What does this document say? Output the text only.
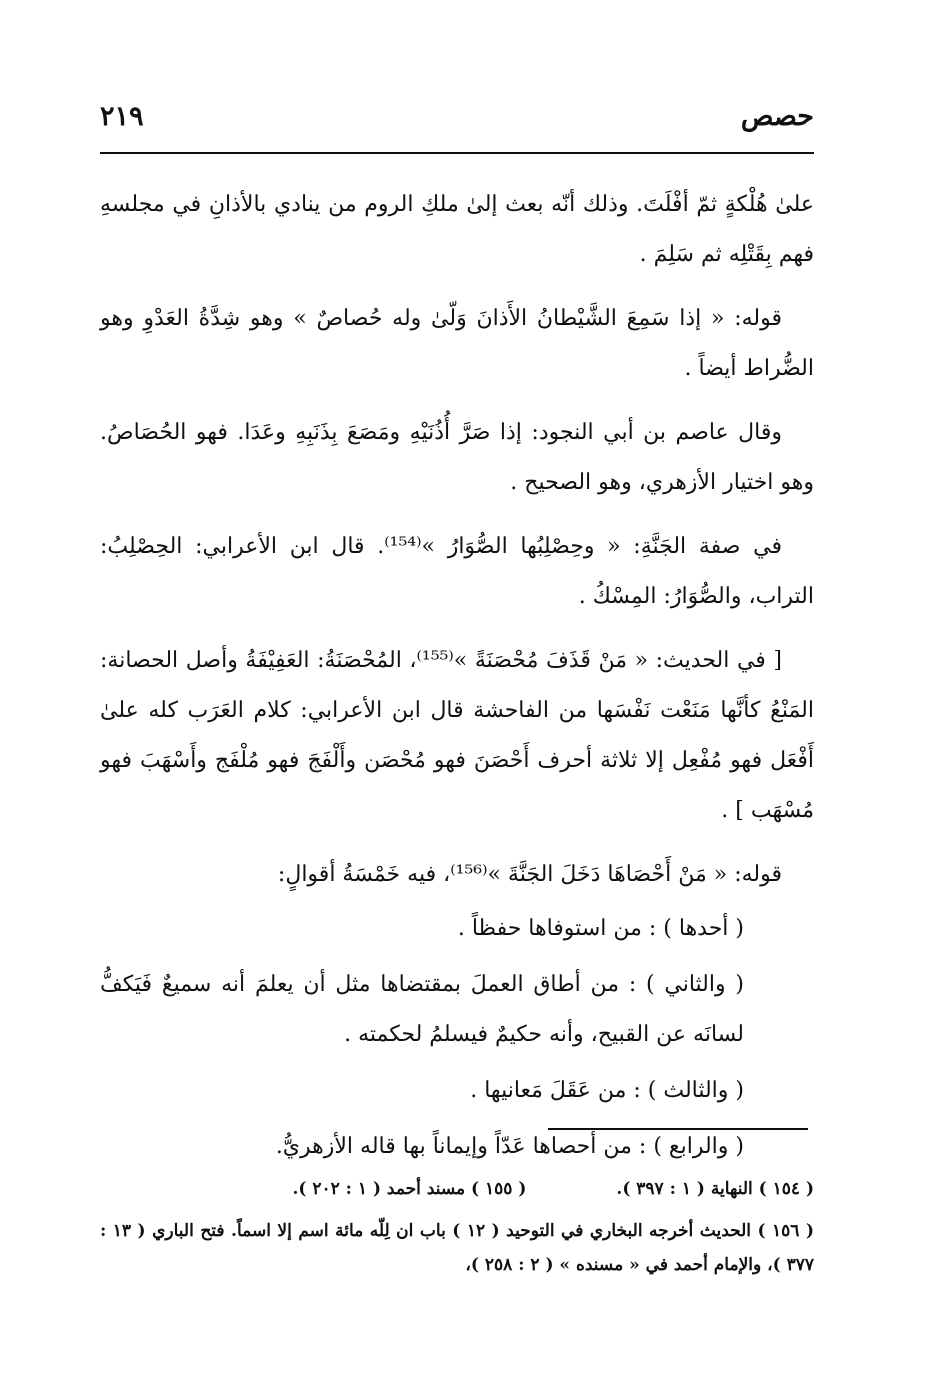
٢١٩	حصص

علىٰ هُلْكةٍ ثمّ أفْلَتَ. وذلك أنّه بعث إلىٰ ملكِ الروم من ينادي بالأذانِ في مجلسهِ فهم بِقَتْلِه ثم سَلِمَ .

قوله: « إذا سَمِعَ الشَّيْطانُ الأَذانَ وَلّىٰ وله حُصاصٌ » وهو شِدَّةُ العَدْوِ وهو الضُّراط أيضاً .

وقال عاصم بن أبي النجود: إذا صَرَّ أُذُنَيْهِ ومَصَعَ بِذَنَبِهِ وعَدَا. فهو الحُصَاصُ. وهو اختيار الأزهري، وهو الصحيح .

في صفة الجَنَّةِ: « وحِصْلِبُها الصُّوَارُ »⁽¹⁵⁴⁾. قال ابن الأعرابي: الحِصْلِبُ: التراب، والصُّوَارُ: المِسْكُ .

[ في الحديث: « مَنْ قَذَفَ مُحْصَنَةً »⁽¹⁵⁵⁾، المُحْصَنَةُ: العَفِيْفَةُ وأصل الحصانة: المَنْعُ كأنَّها مَنَعْت نَفْسَها من الفاحشة قال ابن الأعرابي: كلام العَرَب كله علىٰ أَفْعَل فهو مُفْعِل إلا ثلاثة أحرف أَحْصَنَ فهو مُحْصَن وأَلْفَجَ فهو مُلْفَج وأَسْهَبَ فهو مُسْهَب ] .

قوله: « مَنْ أَحْصَاهَا دَخَلَ الجَنَّةَ »⁽¹⁵⁶⁾، فيه خَمْسَةُ أقوالٍ:

( أحدها ) : من استوفاها حفظاً .

( والثاني ) : من أطاق العملَ بمقتضاها مثل أن يعلمَ أنه سميعٌ فَيَكفُّ لسانَه عن القبيح، وأنه حكيمٌ فيسلمُ لحكمته .

( والثالث ) : من عَقَلَ مَعانيها .

( والرابع ) : من أحصاها عَدّاً وإيماناً بها قاله الأزهريُّ.

( ١٥٤ ) النهاية ( ١ : ٣٩٧ ).
( ١٥٥ ) مسند أحمد ( ١ : ٢٠٢ ).

( ١٥٦ ) الحديث أخرجه البخاري في التوحيد ( ١٢ ) باب ان لِلّه مائة اسم إلا اسماً. فتح الباري ( ١٣ : ٣٧٧ )، والإمام أحمد في « مسنده » ( ٢ : ٢٥٨ )،
